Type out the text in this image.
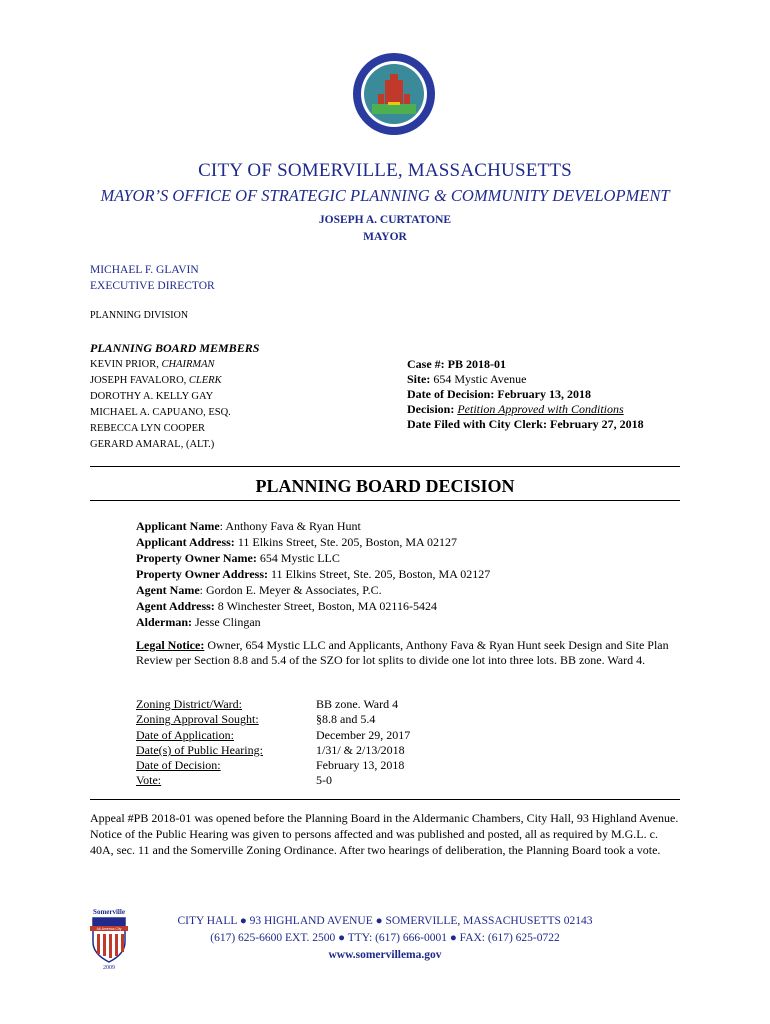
CITY OF SOMERVILLE, MASSACHUSETTS
MAYOR’S OFFICE OF STRATEGIC PLANNING & COMMUNITY DEVELOPMENT
JOSEPH A. CURTATONE
MAYOR
MICHAEL F. GLAVIN
EXECUTIVE DIRECTOR
PLANNING DIVISION
PLANNING BOARD MEMBERS
KEVIN PRIOR, CHAIRMAN
JOSEPH FAVALORO, CLERK
DOROTHY A. KELLY GAY
MICHAEL A. CAPUANO, ESQ.
REBECCA LYN COOPER
GERARD AMARAL, (ALT.)
Case #: PB 2018-01
Site: 654 Mystic Avenue
Date of Decision: February 13, 2018
Decision: Petition Approved with Conditions
Date Filed with City Clerk: February 27, 2018
PLANNING BOARD DECISION
Applicant Name: Anthony Fava & Ryan Hunt
Applicant Address: 11 Elkins Street, Ste. 205, Boston, MA 02127
Property Owner Name: 654 Mystic LLC
Property Owner Address: 11 Elkins Street, Ste. 205, Boston, MA 02127
Agent Name: Gordon E. Meyer & Associates, P.C.
Agent Address: 8 Winchester Street, Boston, MA 02116-5424
Alderman: Jesse Clingan
Legal Notice: Owner, 654 Mystic LLC and Applicants, Anthony Fava & Ryan Hunt seek Design and Site Plan Review per Section 8.8 and 5.4 of the SZO for lot splits to divide one lot into three lots. BB zone. Ward 4.
Zoning District/Ward:
Zoning Approval Sought:
Date of Application:
Date(s) of Public Hearing:
Date of Decision:
Vote:
BB zone. Ward 4
§8.8 and 5.4
December 29, 2017
1/31/ & 2/13/2018
February 13, 2018
5-0
Appeal #PB 2018-01 was opened before the Planning Board in the Aldermanic Chambers, City Hall, 93 Highland Avenue. Notice of the Public Hearing was given to persons affected and was published and posted, all as required by M.G.L. c. 40A, sec. 11 and the Somerville Zoning Ordinance. After two hearings of deliberation, the Planning Board took a vote.
Somerville
All-America City
2009
CITY HALL ● 93 HIGHLAND AVENUE ● SOMERVILLE, MASSACHUSETTS 02143
(617) 625-6600 EXT. 2500 ● TTY: (617) 666-0001 ● FAX: (617) 625-0722
www.somervillema.gov
